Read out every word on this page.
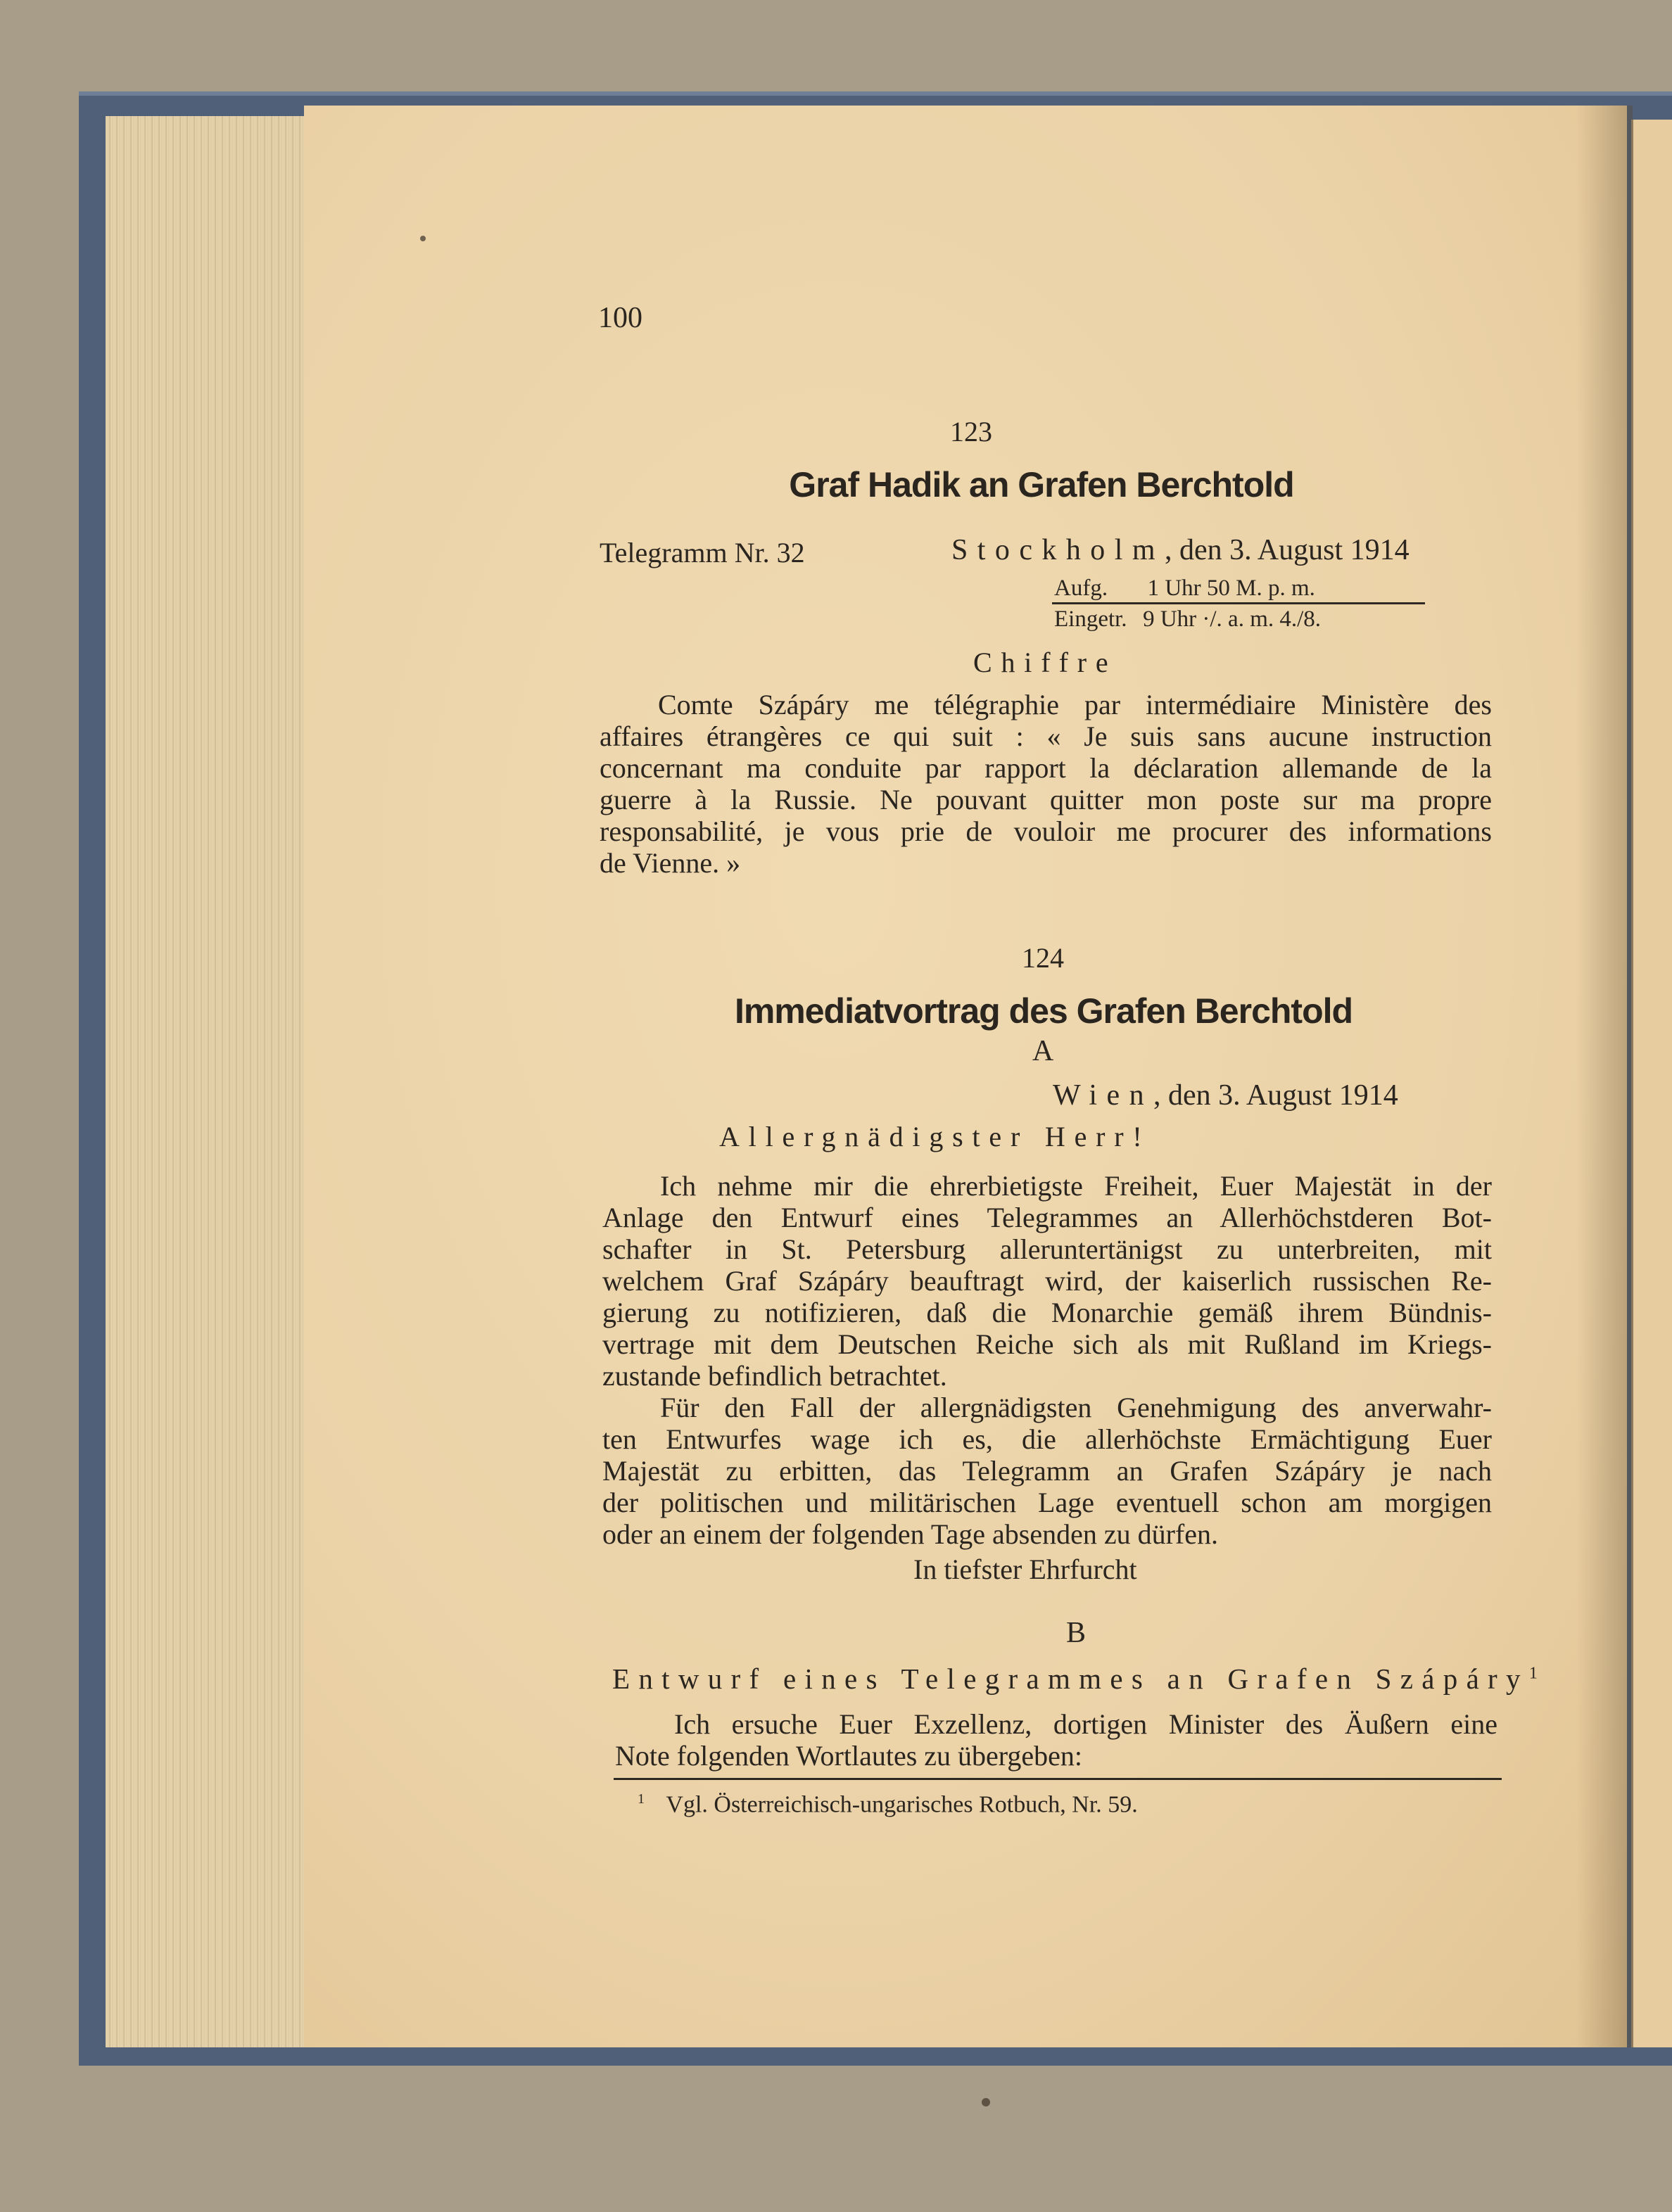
100
123
Graf Hadik an Grafen Berchtold
Telegramm Nr. 32	Stockholm, den 3. August 1914
Aufg. 1 Uhr 50 M. p. m.
Eingetr. 9 Uhr ·/. a. m. 4./8.
Chiffre
Comte Szápáry me télégraphie par intermédiaire Ministère des
affaires étrangères ce qui suit : « Je suis sans aucune instruction
concernant ma conduite par rapport la déclaration allemande de la
guerre à la Russie. Ne pouvant quitter mon poste sur ma propre
responsabilité, je vous prie de vouloir me procurer des informations
de Vienne. »
124
Immediatvortrag des Grafen Berchtold
A
Wien, den 3. August 1914
Allergnädigster Herr!
Ich nehme mir die ehrerbietigste Freiheit, Euer Majestät in der
Anlage den Entwurf eines Telegrammes an Allerhöchstderen Bot-
schafter in St. Petersburg alleruntertänigst zu unterbreiten, mit
welchem Graf Szápáry beauftragt wird, der kaiserlich russischen Re-
gierung zu notifizieren, daß die Monarchie gemäß ihrem Bündnis-
vertrage mit dem Deutschen Reiche sich als mit Rußland im Kriegs-
zustande befindlich betrachtet.
Für den Fall der allergnädigsten Genehmigung des anverwahr-
ten Entwurfes wage ich es, die allerhöchste Ermächtigung Euer
Majestät zu erbitten, das Telegramm an Grafen Szápáry je nach
der politischen und militärischen Lage eventuell schon am morgigen
oder an einem der folgenden Tage absenden zu dürfen.
In tiefster Ehrfurcht
B
Entwurf eines Telegrammes an Grafen Szápáry$^1$
Ich ersuche Euer Exzellenz, dortigen Minister des Äußern eine
Note folgenden Wortlautes zu übergeben:
$^1$ Vgl. Österreichisch-ungarisches Rotbuch, Nr. 59.
